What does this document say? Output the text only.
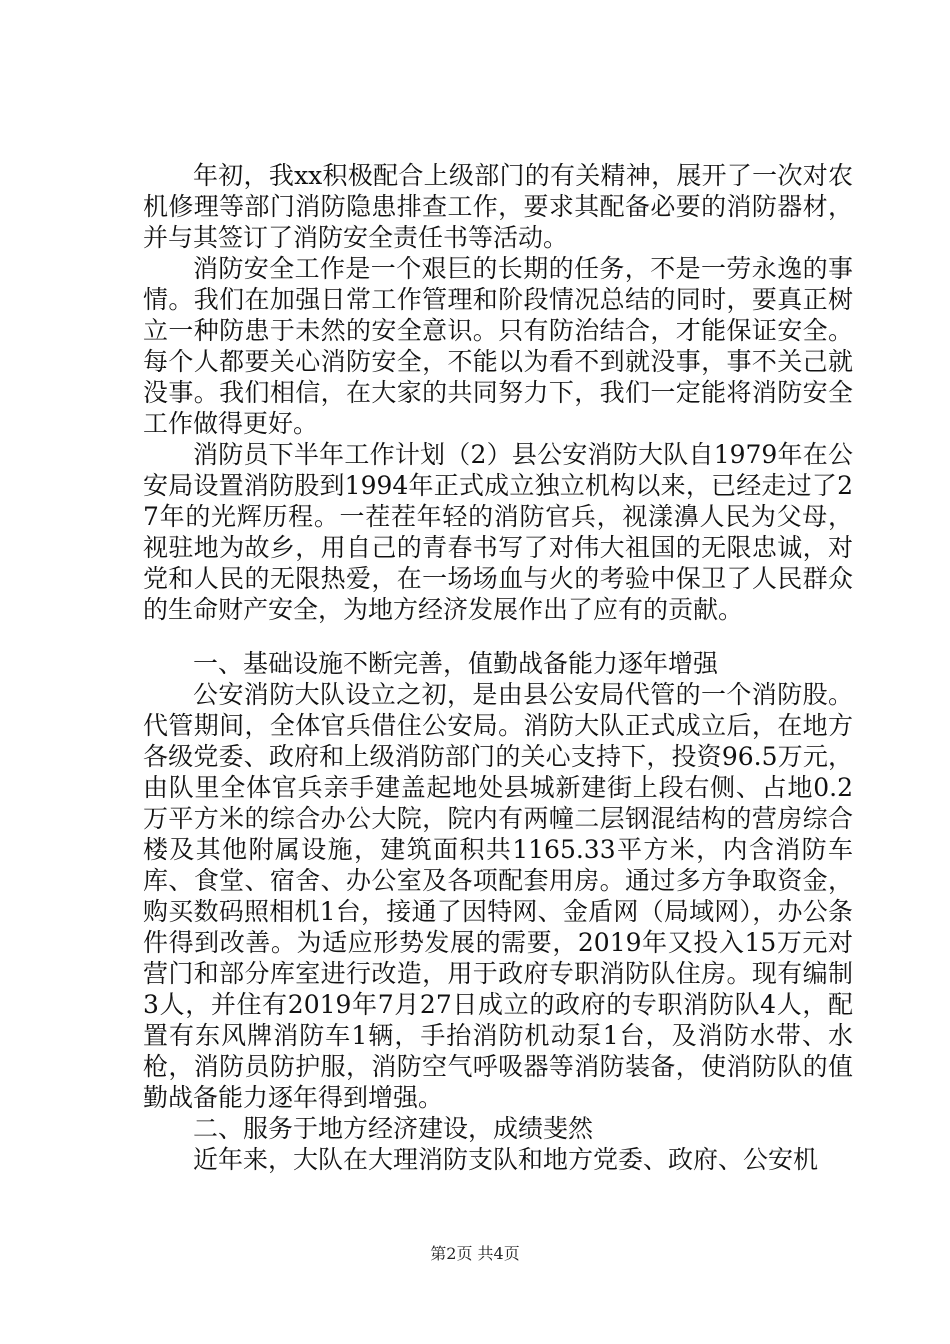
年初，我xx积极配合上级部门的有关精神，展开了一次对农机修理等部门消防隐患排查工作，要求其配备必要的消防器材，并与其签订了消防安全责任书等活动。

消防安全工作是一个艰巨的长期的任务，不是一劳永逸的事情。我们在加强日常工作管理和阶段情况总结的同时，要真正树立一种防患于未然的安全意识。只有防治结合，才能保证安全。每个人都要关心消防安全，不能以为看不到就没事，事不关己就没事。我们相信，在大家的共同努力下，我们一定能将消防安全工作做得更好。

消防员下半年工作计划（2）县公安消防大队自1979年在公安局设置消防股到1994年正式成立独立机构以来，已经走过了27年的光辉历程。一茬茬年轻的消防官兵，视漾濞人民为父母，视驻地为故乡，用自己的青春书写了对伟大祖国的无限忠诚，对党和人民的无限热爱，在一场场血与火的考验中保卫了人民群众的生命财产安全，为地方经济发展作出了应有的贡献。

一、基础设施不断完善，值勤战备能力逐年增强

公安消防大队设立之初，是由县公安局代管的一个消防股。代管期间，全体官兵借住公安局。消防大队正式成立后，在地方各级党委、政府和上级消防部门的关心支持下，投资96.5万元，由队里全体官兵亲手建盖起地处县城新建街上段右侧、占地0.2万平方米的综合办公大院，院内有两幢二层钢混结构的营房综合楼及其他附属设施，建筑面积共1165.33平方米，内含消防车库、食堂、宿舍、办公室及各项配套用房。通过多方争取资金，购买数码照相机1台，接通了因特网、金盾网（局域网），办公条件得到改善。为适应形势发展的需要，2019年又投入15万元对营门和部分库室进行改造，用于政府专职消防队住房。现有编制3人，并住有2019年7月27日成立的政府的专职消防队4人，配置有东风牌消防车1辆，手抬消防机动泵1台，及消防水带、水枪，消防员防护服，消防空气呼吸器等消防装备，使消防队的值勤战备能力逐年得到增强。

二、服务于地方经济建设，成绩斐然

近年来，大队在大理消防支队和地方党委、政府、公安机

第2页 共4页
